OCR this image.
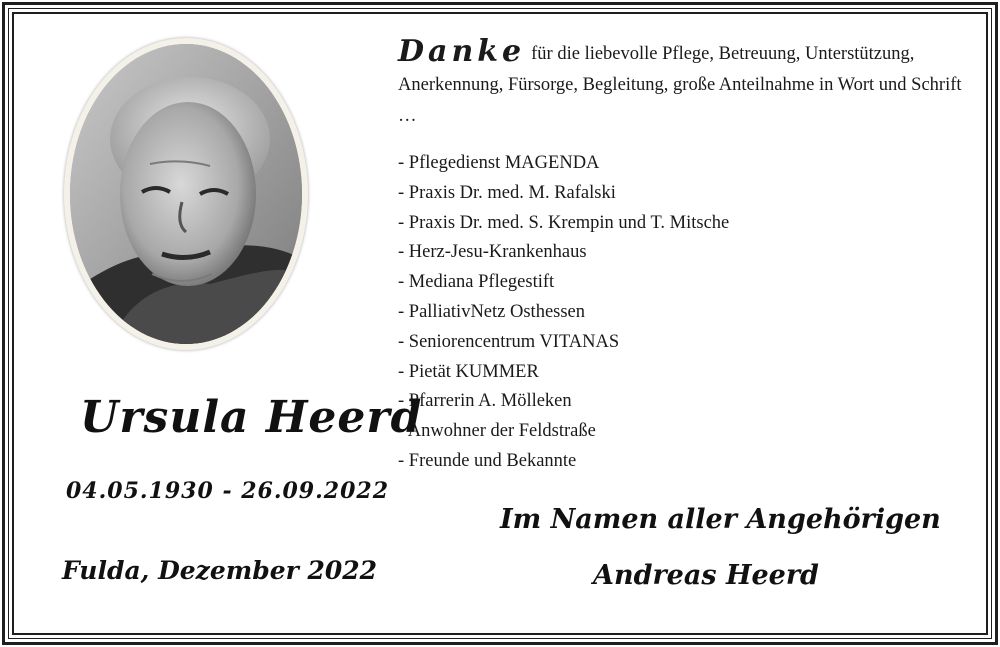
Danke für die liebevolle Pflege, Betreuung, Unterstützung, Anerkennung, Fürsorge, Begleitung, große Anteilnahme in Wort und Schrift …
- Pflegedienst MAGENDA
- Praxis Dr. med. M. Rafalski
- Praxis Dr. med. S. Krempin und T. Mitsche
- Herz-Jesu-Krankenhaus
- Mediana Pflegestift
- PalliativNetz Osthessen
- Seniorencentrum VITANAS
- Pietät KUMMER
- Pfarrerin A. Mölleken
- Anwohner der Feldstraße
- Freunde und Bekannte
Ursula Heerd
04.05.1930 - 26.09.2022
Fulda, Dezember 2022
Im Namen aller Angehörigen
Andreas Heerd
